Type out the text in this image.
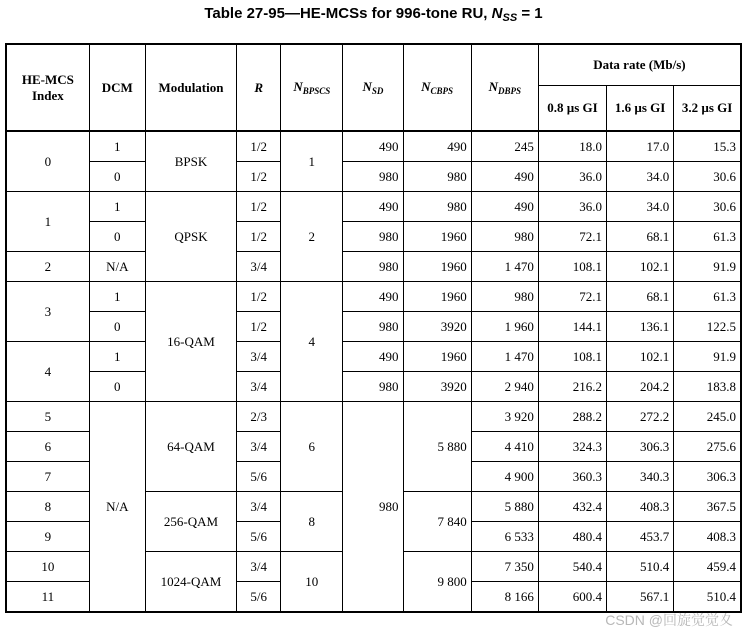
Table 27-95—HE-MCSs for 996-tone RU, $N_{SS} = 1$
HE-MCS Index	DCM	Modulation	R	$N_{BPSCS}$	$N_{SD}$	$N_{CBPS}$	$N_{DBPS}$	Data rate (Mb/s)		
								0.8 µs GI	1.6 µs GI	3.2 µs GI
0	1	BPSK	1/2	1	490	490	245	18.0	17.0	15.3
	0		1/2		980	980	490	36.0	34.0	30.6
1	1	QPSK	1/2	2	490	980	490	36.0	34.0	30.6
	0		1/2		980	1960	980	72.1	68.1	61.3
2	N/A		3/4		980	1960	1 470	108.1	102.1	91.9
3	1	16-QAM	1/2	4	490	1960	980	72.1	68.1	61.3
	0		1/2		980	3920	1 960	144.1	136.1	122.5
4	1		3/4		490	1960	1 470	108.1	102.1	91.9
	0		3/4		980	3920	2 940	216.2	204.2	183.8
5	N/A	64-QAM	2/3	6	980	5 880	3 920	288.2	272.2	245.0
6			3/4				4 410	324.3	306.3	275.6
7			5/6				4 900	360.3	340.3	306.3
8		256-QAM	3/4	8		7 840	5 880	432.4	408.3	367.5
9			5/6				6 533	480.4	453.7	408.3
10		1024-QAM	3/4	10		9 800	7 350	540.4	510.4	459.4
11			5/6				8 166	600.4	567.1	510.4
CSDN @回旋觉觉夊
